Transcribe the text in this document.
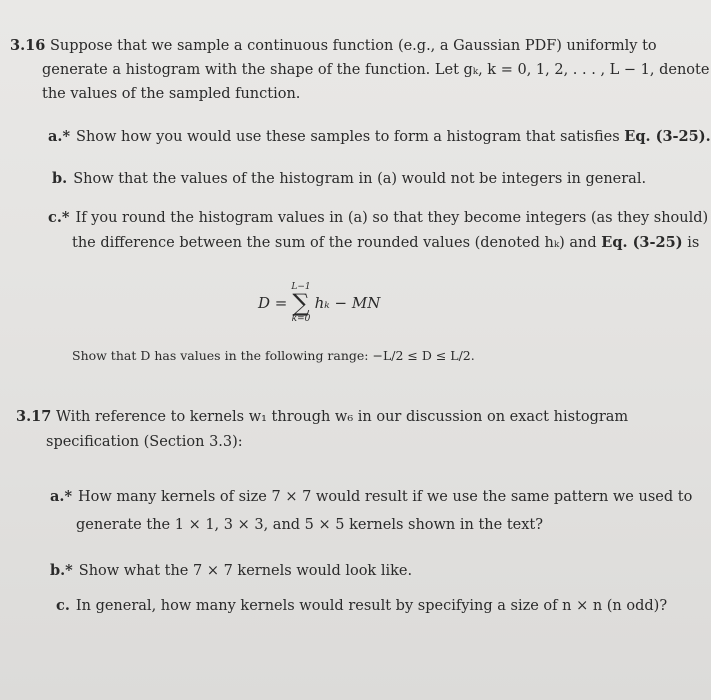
3.16 Suppose that we sample a continuous function (e.g., a Gaussian PDF) uniformly to
generate a histogram with the shape of the function. Let gₖ, k = 0, 1, 2, . . . , L − 1, denote
the values of the sampled function.
a.* Show how you would use these samples to form a histogram that satisfies Eq. (3-25).
b. Show that the values of the histogram in (a) would not be integers in general.
c.* If you round the histogram values in (a) so that they become integers (as they should)
the difference between the sum of the rounded values (denoted hₖ) and Eq. (3-25) is
D =
L−1
∑
k=0
hₖ − MN
Show that D has values in the following range: −L/2 ≤ D ≤ L/2.
3.17 With reference to kernels w₁ through w₆ in our discussion on exact histogram
specification (Section 3.3):
a.* How many kernels of size 7 × 7 would result if we use the same pattern we used to
generate the 1 × 1, 3 × 3, and 5 × 5 kernels shown in the text?
b.* Show what the 7 × 7 kernels would look like.
c. In general, how many kernels would result by specifying a size of n × n (n odd)?
